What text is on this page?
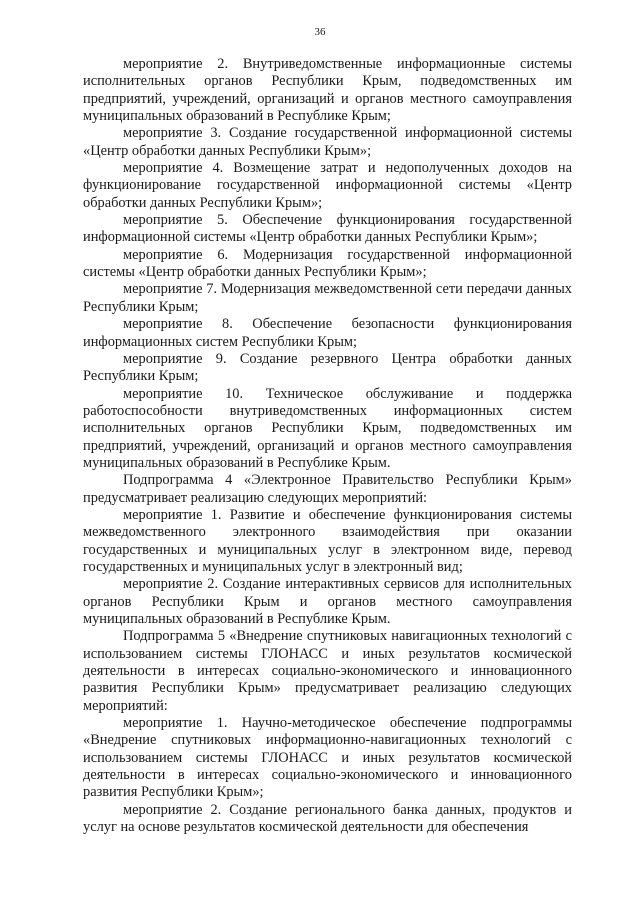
36

мероприятие 2. Внутриведомственные информационные системы исполнительных органов Республики Крым, подведомственных им предприятий, учреждений, организаций и органов местного самоуправления муниципальных образований в Республике Крым;

мероприятие 3. Создание государственной информационной системы «Центр обработки данных Республики Крым»;

мероприятие 4. Возмещение затрат и недополученных доходов на функционирование государственной информационной системы «Центр обработки данных Республики Крым»;

мероприятие 5. Обеспечение функционирования государственной информационной системы «Центр обработки данных Республики Крым»;

мероприятие 6. Модернизация государственной информационной системы «Центр обработки данных Республики Крым»;

мероприятие 7. Модернизация межведомственной сети передачи данных Республики Крым;

мероприятие 8. Обеспечение безопасности функционирования информационных систем Республики Крым;

мероприятие 9. Создание резервного Центра обработки данных Республики Крым;

мероприятие 10. Техническое обслуживание и поддержка работоспособности внутриведомственных информационных систем исполнительных органов Республики Крым, подведомственных им предприятий, учреждений, организаций и органов местного самоуправления муниципальных образований в Республике Крым.

Подпрограмма 4 «Электронное Правительство Республики Крым» предусматривает реализацию следующих мероприятий:

мероприятие 1. Развитие и обеспечение функционирования системы межведомственного электронного взаимодействия при оказании государственных и муниципальных услуг в электронном виде, перевод государственных и муниципальных услуг в электронный вид;

мероприятие 2. Создание интерактивных сервисов для исполнительных органов Республики Крым и органов местного самоуправления муниципальных образований в Республике Крым.

Подпрограмма 5 «Внедрение спутниковых навигационных технологий с использованием системы ГЛОНАСС и иных результатов космической деятельности в интересах социально-экономического и инновационного развития Республики Крым» предусматривает реализацию следующих мероприятий:

мероприятие 1. Научно-методическое обеспечение подпрограммы «Внедрение спутниковых информационно-навигационных технологий с использованием системы ГЛОНАСС и иных результатов космической деятельности в интересах социально-экономического и инновационного развития Республики Крым»;

мероприятие 2. Создание регионального банка данных, продуктов и услуг на основе результатов космической деятельности для обеспечения
